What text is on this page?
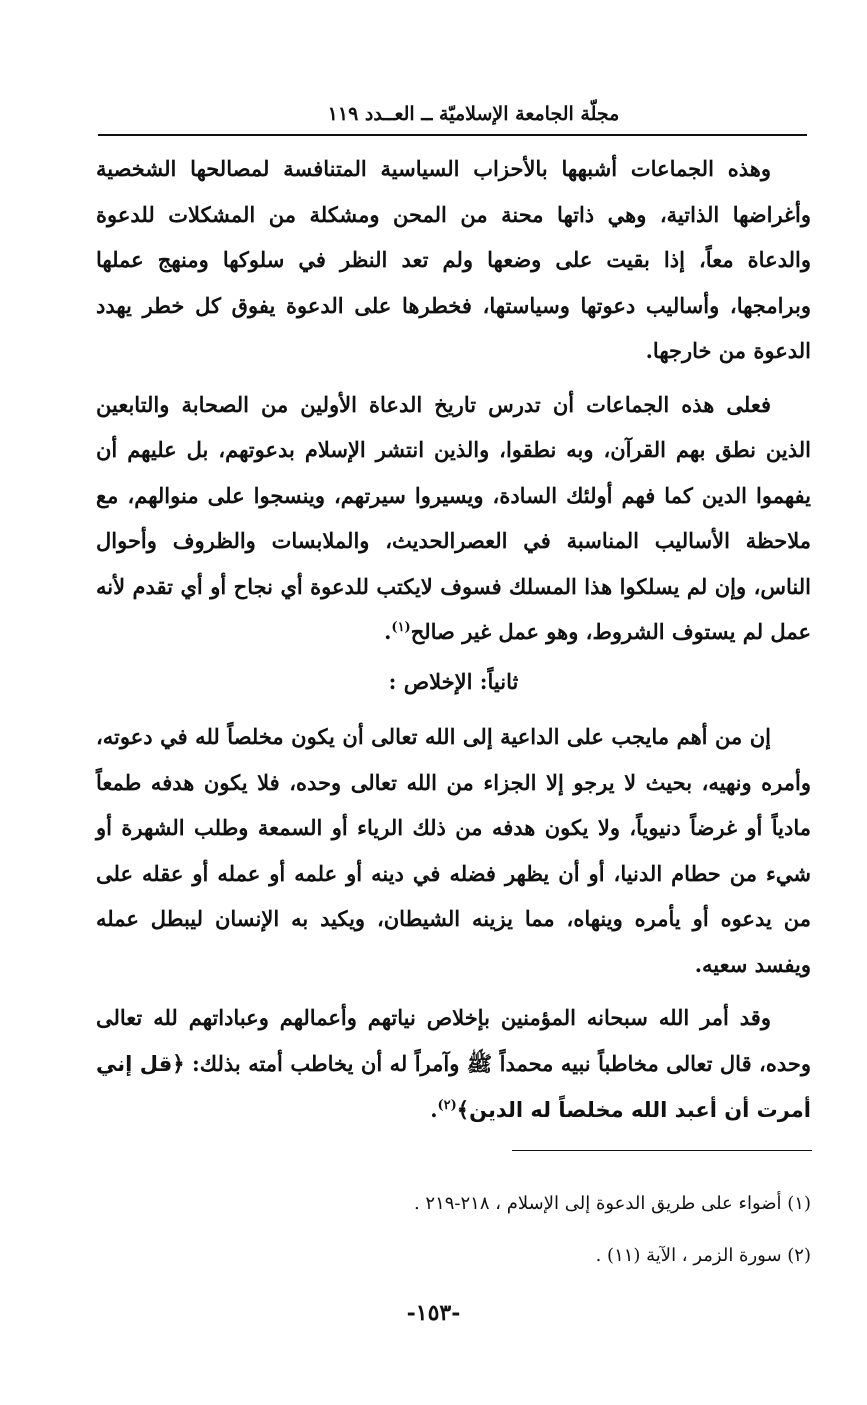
مجلّة الجامعة الإسلاميّة ــ العــدد ١١٩

وهذه الجماعات أشبهها بالأحزاب السياسية المتنافسة لمصالحها الشخصية وأغراضها الذاتية، وهي ذاتها محنة من المحن ومشكلة من المشكلات للدعوة والدعاة معاً، إذا بقيت على وضعها ولم تعد النظر في سلوكها ومنهج عملها وبرامجها، وأساليب دعوتها وسياستها، فخطرها على الدعوة يفوق كل خطر يهدد الدعوة من خارجها.

فعلى هذه الجماعات أن تدرس تاريخ الدعاة الأولين من الصحابة والتابعين الذين نطق بهم القرآن، وبه نطقوا، والذين انتشر الإسلام بدعوتهم، بل عليهم أن يفهموا الدين كما فهم أولئك السادة، ويسيروا سيرتهم، وينسجوا على منوالهم، مع ملاحظة الأساليب المناسبة في العصرالحديث، والملابسات والظروف وأحوال الناس، وإن لم يسلكوا هذا المسلك فسوف لايكتب للدعوة أي نجاح أو أي تقدم لأنه عمل لم يستوف الشروط، وهو عمل غير صالح$^{(١)}$.

ثانياً: الإخلاص :

إن من أهم مايجب على الداعية إلى الله تعالى أن يكون مخلصاً لله في دعوته، وأمره ونهيه، بحيث لا يرجو إلا الجزاء من الله تعالى وحده، فلا يكون هدفه طمعاً مادياً أو غرضاً دنيوياً، ولا يكون هدفه من ذلك الرياء أو السمعة وطلب الشهرة أو شيء من حطام الدنيا، أو أن يظهر فضله في دينه أو علمه أو عمله أو عقله على من يدعوه أو يأمره وينهاه، مما يزينه الشيطان، ويكيد به الإنسان ليبطل عمله ويفسد سعيه.

وقد أمر الله سبحانه المؤمنين بإخلاص نياتهم وأعمالهم وعباداتهم لله تعالى وحده، قال تعالى مخاطباً نبيه محمداً ﷺ وآمراً له أن يخاطب أمته بذلك: ﴿قل إني أمرت أن أعبد الله مخلصاً له الدين﴾$^{(٢)}$.

(١) أضواء على طريق الدعوة إلى الإسلام ، ٢١٨-٢١٩ .

(٢) سورة الزمر ، الآية (١١) .

-١٥٣-
